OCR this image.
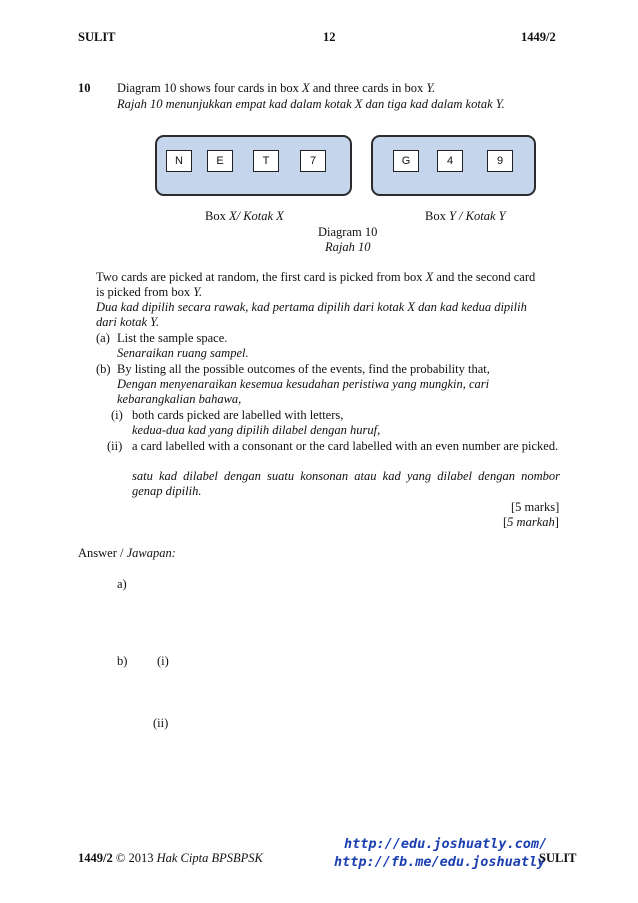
SULIT	12	1449/2
10 Diagram 10 shows four cards in box X and three cards in box Y.
Rajah 10 menunjukkan empat kad dalam kotak X dan tiga kad dalam kotak Y.
N	E	T	7	G	4	9
Box X/ Kotak X	Box Y / Kotak Y
Diagram 10
Rajah 10
Two cards are picked at random, the first card is picked from box X and the second card
is picked from box Y.
Dua kad dipilih secara rawak, kad pertama dipilih dari kotak X dan kad kedua dipilih
dari kotak Y.
(a) List the sample space.
Senaraikan ruang sampel.
(b) By listing all the possible outcomes of the events, find the probability that,
Dengan menyenaraikan kesemua kesudahan peristiwa yang mungkin, cari
kebarangkalian bahawa,
(i) both cards picked are labelled with letters,
kedua-dua kad yang dipilih dilabel dengan huruf,
(ii) a card labelled with a consonant or the card labelled with an even number are picked.
satu kad dilabel dengan suatu konsonan atau kad yang dilabel dengan nombor genap dipilih.
[5 marks]
[5 markah]
Answer / Jawapan:
a)
b) (i)
(ii)
1449/2 © 2013 Hak Cipta BPSBPSK
http://edu.joshuatly.com/
http://fb.me/edu.joshuatly
SULIT
